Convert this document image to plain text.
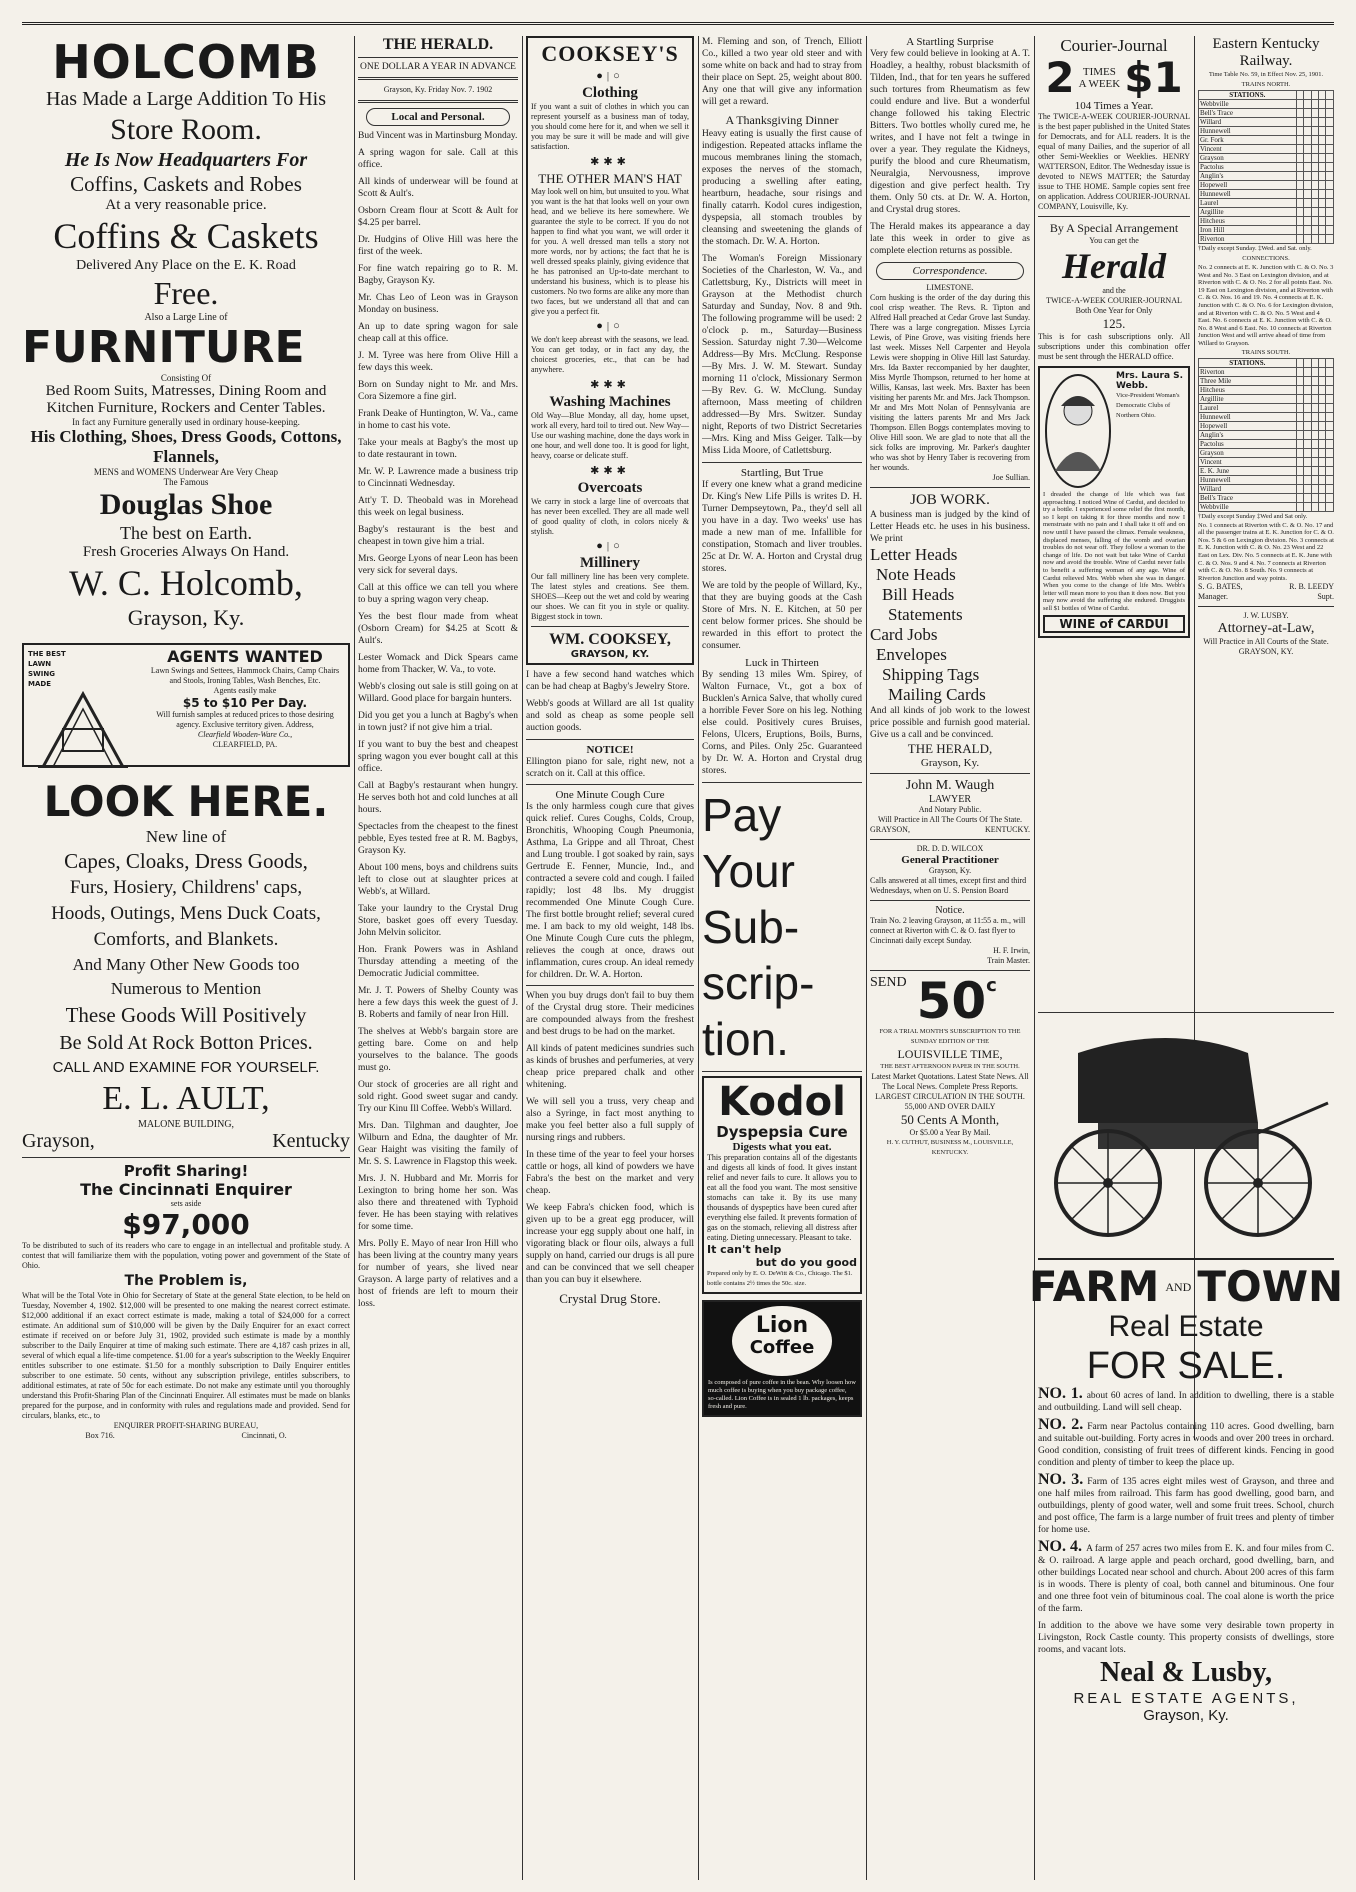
HOLCOMB
Has Made a Large Addition To His
Store Room.
He Is Now Headquarters For
Coffins, Caskets and Robes
At a very reasonable price.
Coffins & Caskets
Delivered Any Place on the E. K. Road
Free.
Also a Large Line of
FURNITURE
Consisting Of
Bed Room Suits, Matresses, Dining Room and Kitchen Furniture, Rockers and Center Tables.
In fact any Furniture generally used in ordinary house-keeping.
His Clothing, Shoes, Dress Goods, Cottons, Flannels,
MENS and WOMENS Underwear Are Very Cheap
The Famous
Douglas Shoe
The best on Earth.
Fresh Groceries Always On Hand.
W. C. Holcomb,
Grayson, Ky.
THE BEST LAWN SWING MADE
AGENTS WANTED
Lawn Swings and Settees, Hammock Chairs, Camp Chairs and Stools, Ironing Tables, Wash Benches, Etc.
Agents easily make
$5 to $10 Per Day.
Will furnish samples at reduced prices to those desiring agency. Exclusive territory given. Address,
Clearfield Wooden-Ware Co.,
CLEARFIELD, PA.
LOOK HERE.
New line of
Capes, Cloaks, Dress Goods,
Furs, Hosiery, Childrens' caps,
Hoods, Outings, Mens Duck Coats,
Comforts, and Blankets.
And Many Other New Goods too
Numerous to Mention
These Goods Will Positively
Be Sold At Rock Botton Prices.
CALL AND EXAMINE FOR YOURSELF.
E. L. AULT,
MALONE BUILDING,
Grayson,	Kentucky
Profit Sharing!
The Cincinnati Enquirer
sets aside
$97,000
To be distributed to such of its readers who care to engage in an intellectual and profitable study. A contest that will familiarize them with the population, voting power and government of the State of Ohio.
The Problem is,
What will be the Total Vote in Ohio for Secretary of State at the general State election, to be held on Tuesday, November 4, 1902. $12,000 will be presented to one making the nearest correct estimate. $12,000 additional if an exact correct estimate is made, making a total of $24,000 for a correct estimate. An additional sum of $10,000 will be given by the Daily Enquirer for an exact correct estimate if received on or before July 31, 1902, provided such estimate is made by a monthly subscriber to the Daily Enquirer at time of making such estimate. There are 4,187 cash prizes in all, several of which equal a life-time competence. $1.00 for a year's subscription to the Weekly Enquirer entitles subscriber to one estimate. $1.50 for a monthly subscription to Daily Enquirer entitles subscriber to one estimate. 50 cents, without any subscription privilege, entitles subscribers, to additional estimates, at rate of 50c for each estimate. Do not make any estimate until you thoroughly understand this Profit-Sharing Plan of the Cincinnati Enquirer. All estimates must be made on blanks prepared for the purpose, and in conformity with rules and regulations made and provided. Send for circulars, blanks, etc., to
ENQUIRER PROFIT-SHARING BUREAU,
Box 716.	Cincinnati, O.
THE HERALD.
ONE DOLLAR A YEAR IN ADVANCE
Grayson, Ky. Friday Nov. 7. 1902
Local and Personal.
Bud Vincent was in Martinsburg Monday.
A spring wagon for sale. Call at this office.
All kinds of underwear will be found at Scott & Ault's.
Osborn Cream flour at Scott & Ault for $4.25 per barrel.
Dr. Hudgins of Olive Hill was here the first of the week.
For fine watch repairing go to R. M. Bagby, Grayson Ky.
Mr. Chas Leo of Leon was in Grayson Monday on business.
An up to date spring wagon for sale cheap call at this office.
J. M. Tyree was here from Olive Hill a few days this week.
Born on Sunday night to Mr. and Mrs. Cora Sizemore a fine girl.
Frank Deake of Huntington, W. Va., came in home to cast his vote.
Take your meals at Bagby's the most up to date restaurant in town.
Mr. W. P. Lawrence made a business trip to Cincinnati Wednesday.
Att'y T. D. Theobald was in Morehead this week on legal business.
Bagby's restaurant is the best and cheapest in town give him a trial.
Mrs. George Lyons of near Leon has been very sick for several days.
Call at this office we can tell you where to buy a spring wagon very cheap.
Yes the best flour made from wheat (Osborn Cream) for $4.25 at Scott & Ault's.
Lester Womack and Dick Spears came home from Thacker, W. Va., to vote.
Webb's closing out sale is still going on at Willard. Good place for bargain hunters.
Did you get you a lunch at Bagby's when in town just? if not give him a trial.
If you want to buy the best and cheapest spring wagon you ever bought call at this office.
Call at Bagby's restaurant when hungry. He serves both hot and cold lunches at all hours.
Spectacles from the cheapest to the finest pebble, Eyes tested free at R. M. Bagbys, Grayson Ky.
About 100 mens, boys and childrens suits left to close out at slaughter prices at Webb's, at Willard.
Take your laundry to the Crystal Drug Store, basket goes off every Tuesday. John Melvin solicitor.
Hon. Frank Powers was in Ashland Thursday attending a meeting of the Democratic Judicial committee.
Mr. J. T. Powers of Shelby County was here a few days this week the guest of J. B. Roberts and family of near Iron Hill.
The shelves at Webb's bargain store are getting bare. Come on and help yourselves to the balance. The goods must go.
Our stock of groceries are all right and sold right. Good sweet sugar and candy. Try our Kinu Ill Coffee. Webb's Willard.
Mrs. Dan. Tilghman and daughter, Joe Wilburn and Edna, the daughter of Mr. Gear Haight was visiting the family of Mr. S. S. Lawrence in Flagstop this week.
Mrs. J. N. Hubbard and Mr. Morris for Lexington to bring home her son. Was also there and threatened with Typhoid fever. He has been staying with relatives for some time.
Mrs. Polly E. Mayo of near Iron Hill who has been living at the country many years for number of years, she lived near Grayson. A large party of relatives and a host of friends are left to mourn their loss.
COOKSEY'S
●|○
Clothing
If you want a suit of clothes in which you can represent yourself as a business man of today, you should come here for it, and when we sell it you may be sure it will be made and will give satisfaction.
✱✱✱
THE OTHER MAN'S HAT
May look well on him, but unsuited to you. What you want is the hat that looks well on your own head, and we believe its here somewhere. We guarantee the style to be correct. If you do not happen to find what you want, we will order it for you. A well dressed man tells a story not more words, nor by actions; the fact that he is well dressed speaks plainly, giving evidence that he has patronised an Up-to-date merchant to understand his business, which is to please his customers. No two forms are alike any more than two faces, but we understand all that and can give you a perfect fit.
●|○
We don't keep abreast with the seasons, we lead. You can get today, or in fact any day, the choicest groceries, etc., that can be had anywhere.
✱✱✱
Washing Machines
Old Way—Blue Monday, all day, home upset, work all every, hard toil to tired out. New Way—Use our washing machine, done the days work in one hour, and well done too. It is good for light, heavy, coarse or delicate stuff.
✱✱✱
Overcoats
We carry in stock a large line of overcoats that has never been excelled. They are all made well of good quality of cloth, in colors nicely & stylish.
●|○
Millinery
Our fall millinery line has been very complete. The latest styles and creations. See them. SHOES—Keep out the wet and cold by wearing our shoes. We can fit you in style or quality. Biggest stock in town.
WM. COOKSEY,
GRAYSON, KY.
I have a few second hand watches which can be had cheap at Bagby's Jewelry Store.
Webb's goods at Willard are all 1st quality and sold as cheap as some people sell auction goods.
NOTICE!
Ellington piano for sale, right new, not a scratch on it. Call at this office.
One Minute Cough Cure
Is the only harmless cough cure that gives quick relief. Cures Coughs, Colds, Croup, Bronchitis, Whooping Cough Pneumonia, Asthma, La Grippe and all Throat, Chest and Lung trouble. I got soaked by rain, says Gertrude E. Fenner, Muncie, Ind., and contracted a severe cold and cough. I failed rapidly; lost 48 lbs. My druggist recommended One Minute Cough Cure. The first bottle brought relief; several cured me. I am back to my old weight, 148 lbs. One Minute Cough Cure cuts the phlegm, relieves the cough at once, draws out inflammation, cures croup. An ideal remedy for children. Dr. W. A. Horton.
When you buy drugs don't fail to buy them of the Crystal drug store. Their medicines are compounded always from the freshest and best drugs to be had on the market.
All kinds of patent medicines sundries such as kinds of brushes and perfumeries, at very cheap price prepared chalk and other whitening.
We will sell you a truss, very cheap and also a Syringe, in fact most anything to make you feel better also a full supply of nursing rings and rubbers.
In these time of the year to feel your horses cattle or hogs, all kind of powders we have Fabra's the best on the market and very cheap.
We keep Fabra's chicken food, which is given up to be a great egg producer, will increase your egg supply about one half, in vigorating black or flour oils, always a full supply on hand, carried our drugs is all pure and can be convinced that we sell cheaper than you can buy it elsewhere.
Crystal Drug Store.
M. Fleming and son, of Trench, Elliott Co., killed a two year old steer and with some white on back and had to stray from their place on Sept. 25, weight about 800. Any one that will give any information will get a reward.
A Thanksgiving Dinner
Heavy eating is usually the first cause of indigestion. Repeated attacks inflame the mucous membranes lining the stomach, exposes the nerves of the stomach, producing a swelling after eating, heartburn, headache, sour risings and finally catarrh. Kodol cures indigestion, dyspepsia, all stomach troubles by cleansing and sweetening the glands of the stomach. Dr. W. A. Horton.
The Woman's Foreign Missionary Societies of the Charleston, W. Va., and Catlettsburg, Ky., Districts will meet in Grayson at the Methodist church Saturday and Sunday, Nov. 8 and 9th. The following programme will be used: 2 o'clock p. m., Saturday—Business Session. Saturday night 7.30—Welcome Address—By Mrs. McClung. Response—By Mrs. J. W. M. Stewart. Sunday morning 11 o'clock, Missionary Sermon—By Rev. G. W. McClung. Sunday afternoon, Mass meeting of children addressed—By Mrs. Switzer. Sunday night, Reports of two District Secretaries—Mrs. King and Miss Geiger. Talk—by Miss Lida Moore, of Catlettsburg.
Startling, But True
If every one knew what a grand medicine Dr. King's New Life Pills is writes D. H. Turner Dempseytown, Pa., they'd sell all you have in a day. Two weeks' use has made a new man of me. Infallible for constipation, Stomach and liver troubles. 25c at Dr. W. A. Horton and Crystal drug stores.
We are told by the people of Willard, Ky., that they are buying goods at the Cash Store of Mrs. N. E. Kitchen, at 50 per cent below former prices. She should be rewarded in this effort to protect the consumer.
Luck in Thirteen
By sending 13 miles Wm. Spirey, of Walton Furnace, Vt., got a box of Bucklen's Arnica Salve, that wholly cured a horrible Fever Sore on his leg. Nothing else could. Positively cures Bruises, Felons, Ulcers, Eruptions, Boils, Burns, Corns, and Piles. Only 25c. Guaranteed by Dr. W. A. Horton and Crystal drug stores.
Pay
Your
Sub-
scrip-
tion.
Kodol
Dyspepsia Cure
Digests what you eat.
This preparation contains all of the digestants and digests all kinds of food. It gives instant relief and never fails to cure. It allows you to eat all the food you want. The most sensitive stomachs can take it. By its use many thousands of dyspeptics have been cured after everything else failed. It prevents formation of gas on the stomach, relieving all distress after eating. Dieting unnecessary. Pleasant to take.
It can't help
but do you good
Prepared only by E. O. DeWitt & Co., Chicago. The $1. bottle contains 2½ times the 50c. size.
Lion
Coffee
Is composed of pure coffee in the bean. Why loosen how much coffee is buying when you buy package coffee, so-called. Lion Coffee is in sealed 1 lb. packages, keeps fresh and pure.
A Startling Surprise
Very few could believe in looking at A. T. Hoadley, a healthy, robust blacksmith of Tilden, Ind., that for ten years he suffered such tortures from Rheumatism as few could endure and live. But a wonderful change followed his taking Electric Bitters. Two bottles wholly cured me, he writes, and I have not felt a twinge in over a year. They regulate the Kidneys, purify the blood and cure Rheumatism, Neuralgia, Nervousness, improve digestion and give perfect health. Try them. Only 50 cts. at Dr. W. A. Horton, and Crystal drug stores.
The Herald makes its appearance a day late this week in order to give as complete election returns as possible.
Correspondence.
LIMESTONE.
Corn husking is the order of the day during this cool crisp weather. The Revs. R. Tipton and Alfred Hall preached at Cedar Grove last Sunday. There was a large congregation. Misses Lyrcia Lewis, of Pine Grove, was visiting friends here last week. Misses Nell Carpenter and Heyola Lewis were shopping in Olive Hill last Saturday. Mrs. Ida Baxter reccompanied by her daughter, Miss Myrtle Thompson, returned to her home at Willis, Kansas, last week. Mrs. Baxter has been visiting her parents Mr. and Mrs. Jack Thompson. Mr and Mrs Mott Nolan of Pennsylvania are visiting the latters parents Mr and Mrs Jack Thompson. Ellen Boggs contemplates moving to Olive Hill soon. We are glad to note that all the sick folks are improving. Mr. Parker's daughter who was shot by Henry Taber is recovering from her wounds.
Joe Sullian.
JOB WORK.
A business man is judged by the kind of Letter Heads etc. he uses in his business. We print
Letter Heads
Note Heads
Bill Heads
Statements
Card Jobs
Envelopes
Shipping Tags
Mailing Cards
And all kinds of job work to the lowest price possible and furnish good material. Give us a call and be convinced.
THE HERALD,
Grayson, Ky.
John M. Waugh
LAWYER
And Notary Public.
Will Practice in All The Courts Of The State.
GRAYSON,	KENTUCKY.
DR. D. D. WILCOX
General Practitioner
Grayson, Ky.
Calls answered at all times, except first and third Wednesdays, when on U. S. Pension Board
Notice.
Train No. 2 leaving Grayson, at 11:55 a. m., will connect at Riverton with C. & O. fast flyer to Cincinnati daily except Sunday.
H. F. Irwin,
Train Master.
SEND 50 c
FOR A TRIAL MONTH'S SUBSCRIPTION TO THE SUNDAY EDITION OF THE
LOUISVILLE TIME,
THE BEST AFTERNOON PAPER IN THE SOUTH.
Latest Market Quotations. Latest State News. All The Local News. Complete Press Reports.
LARGEST CIRCULATION IN THE SOUTH.
55,000 AND OVER DAILY
50 Cents A Month,
Or $5.00 a Year By Mail.
H. Y. CUTHUT, BUSINESS M., LOUISVILLE, KENTUCKY.
Courier-Journal
2 TIMES
A WEEK $1
104 Times a Year.
The TWICE-A-WEEK COURIER-JOURNAL is the best paper published in the United States for Democrats, and for ALL readers. It is the equal of many Dailies, and the superior of all other Semi-Weeklies or Weeklies. HENRY WATTERSON, Editor. The Wednesday issue is devoted to NEWS MATTER; the Saturday issue to THE HOME. Sample copies sent free on application. Address COURIER-JOURNAL COMPANY, Louisville, Ky.
By A Special Arrangement
You can get the
Herald
and the
TWICE-A-WEEK COURIER-JOURNAL
Both One Year for Only
125.
This is for cash subscriptions only. All subscriptions under this combination offer must be sent through the HERALD office.
Mrs. Laura S. Webb.
Vice-President Woman's Democratic Clubs of Northern Ohio.
I dreaded the change of life which was fast approaching. I noticed Wine of Cardui, and decided to try a bottle. I experienced some relief the first month, so I kept on taking it for three months and now I menstruate with no pain and I shall take it off and on now until I have passed the climax. Female weakness, displaced menses, falling of the womb and ovarian troubles do not wear off. They follow a woman to the change of life. Do not wait but take Wine of Cardui now and avoid the trouble. Wine of Cardui never fails to benefit a suffering woman of any age. Wine of Cardui relieved Mrs. Webb when she was in danger. When you come to the change of life Mrs. Webb's letter will mean more to you than it does now. But you may now avoid the suffering she endured. Druggists sell $1 bottles of Wine of Cardui.
WINE of CARDUI
Eastern Kentucky Railway.
Time Table No. 59, in Effect Nov. 25, 1901.
TRAINS NORTH.
STATIONS.					
Webbville					
Bell's Trace					
Willard					
Hunnewell					
Gr. Fork					
Vincent					
Grayson					
Pactolus					
Anglin's					
Hopewell					
Hunnewell					
Laurel					
Argillite					
Hitcheus					
Iron Hill					
Riverton					
†Daily except Sunday. ‡Wed. and Sat. only.
CONNECTIONS.
No. 2 connects at E. K. Junction with C. & O. No. 3 West and No. 3 East on Lexington division, and at Riverton with C. & O. No. 2 for all points East. No. 19 East on Lexington division, and at Riverton with C. & O. Nos. 16 and 19. No. 4 connects at E. K. Junction with C. & O. No. 6 for Lexington division, and at Riverton with C. & O. No. 5 West and 4 East. No. 6 connects at E. K. Junction with C. & O. No. 8 West and 6 East. No. 10 connects at Riverton Junction West and will arrive ahead of time from Willard to Grayson.
TRAINS SOUTH.
STATIONS.					
Riverton					
Three Mile					
Hitcheus					
Argillite					
Laurel					
Hunnewell					
Hopewell					
Anglin's					
Pactolus					
Grayson					
Vincent					
E. K. June					
Hunnewell					
Willard					
Bell's Trace					
Webbville					
†Daily except Sunday ‡Wed and Sat only.
No. 1 connects at Riverton with C. & O. No. 17 and all the passenger trains at E. K. Junction for C. & O. Nos. 5 & 6 on Lexington division. No. 3 connects at E. K. Junction with C. & O. No. 23 West and 22 East on Lex. Div. No. 5 connects at E. K. June with C. & O. Nos. 9 and 4. No. 7 connects at Riverton with C. & O. No. 8 South. No. 9 connects at Riverton Junction and way points.
S. G. BATES,	R. B. LEEDY
Manager.	Supt.
J. W. LUSBY.
Attorney-at-Law,
Will Practice in All Courts of the State.
GRAYSON, KY.
FARM AND TOWN
Real Estate
FOR SALE.
NO. 1. about 60 acres of land. In addition to dwelling, there is a stable and outbuilding. Land will sell cheap.
NO. 2. Farm near Pactolus containing 110 acres. Good dwelling, barn and suitable out-building. Forty acres in woods and over 200 trees in orchard. Good condition, consisting of fruit trees of different kinds. Fencing in good condition and plenty of timber to keep the place up.
NO. 3. Farm of 135 acres eight miles west of Grayson, and three and one half miles from railroad. This farm has good dwelling, good barn, and outbuildings, plenty of good water, well and some fruit trees. School, church and post office, The farm is a large number of fruit trees and plenty of timber for home use.
NO. 4. A farm of 257 acres two miles from E. K. and four miles from C. & O. railroad. A large apple and peach orchard, good dwelling, barn, and other buildings Located near school and church. About 200 acres of this farm is in woods. There is plenty of coal, both cannel and bituminous. One four and one three foot vein of bituminous coal. The coal alone is worth the price of the farm.
In addition to the above we have some very desirable town property in Livingston, Rock Castle county. This property consists of dwellings, store rooms, and vacant lots.
Neal & Lusby,
REAL ESTATE AGENTS,
Grayson, Ky.
